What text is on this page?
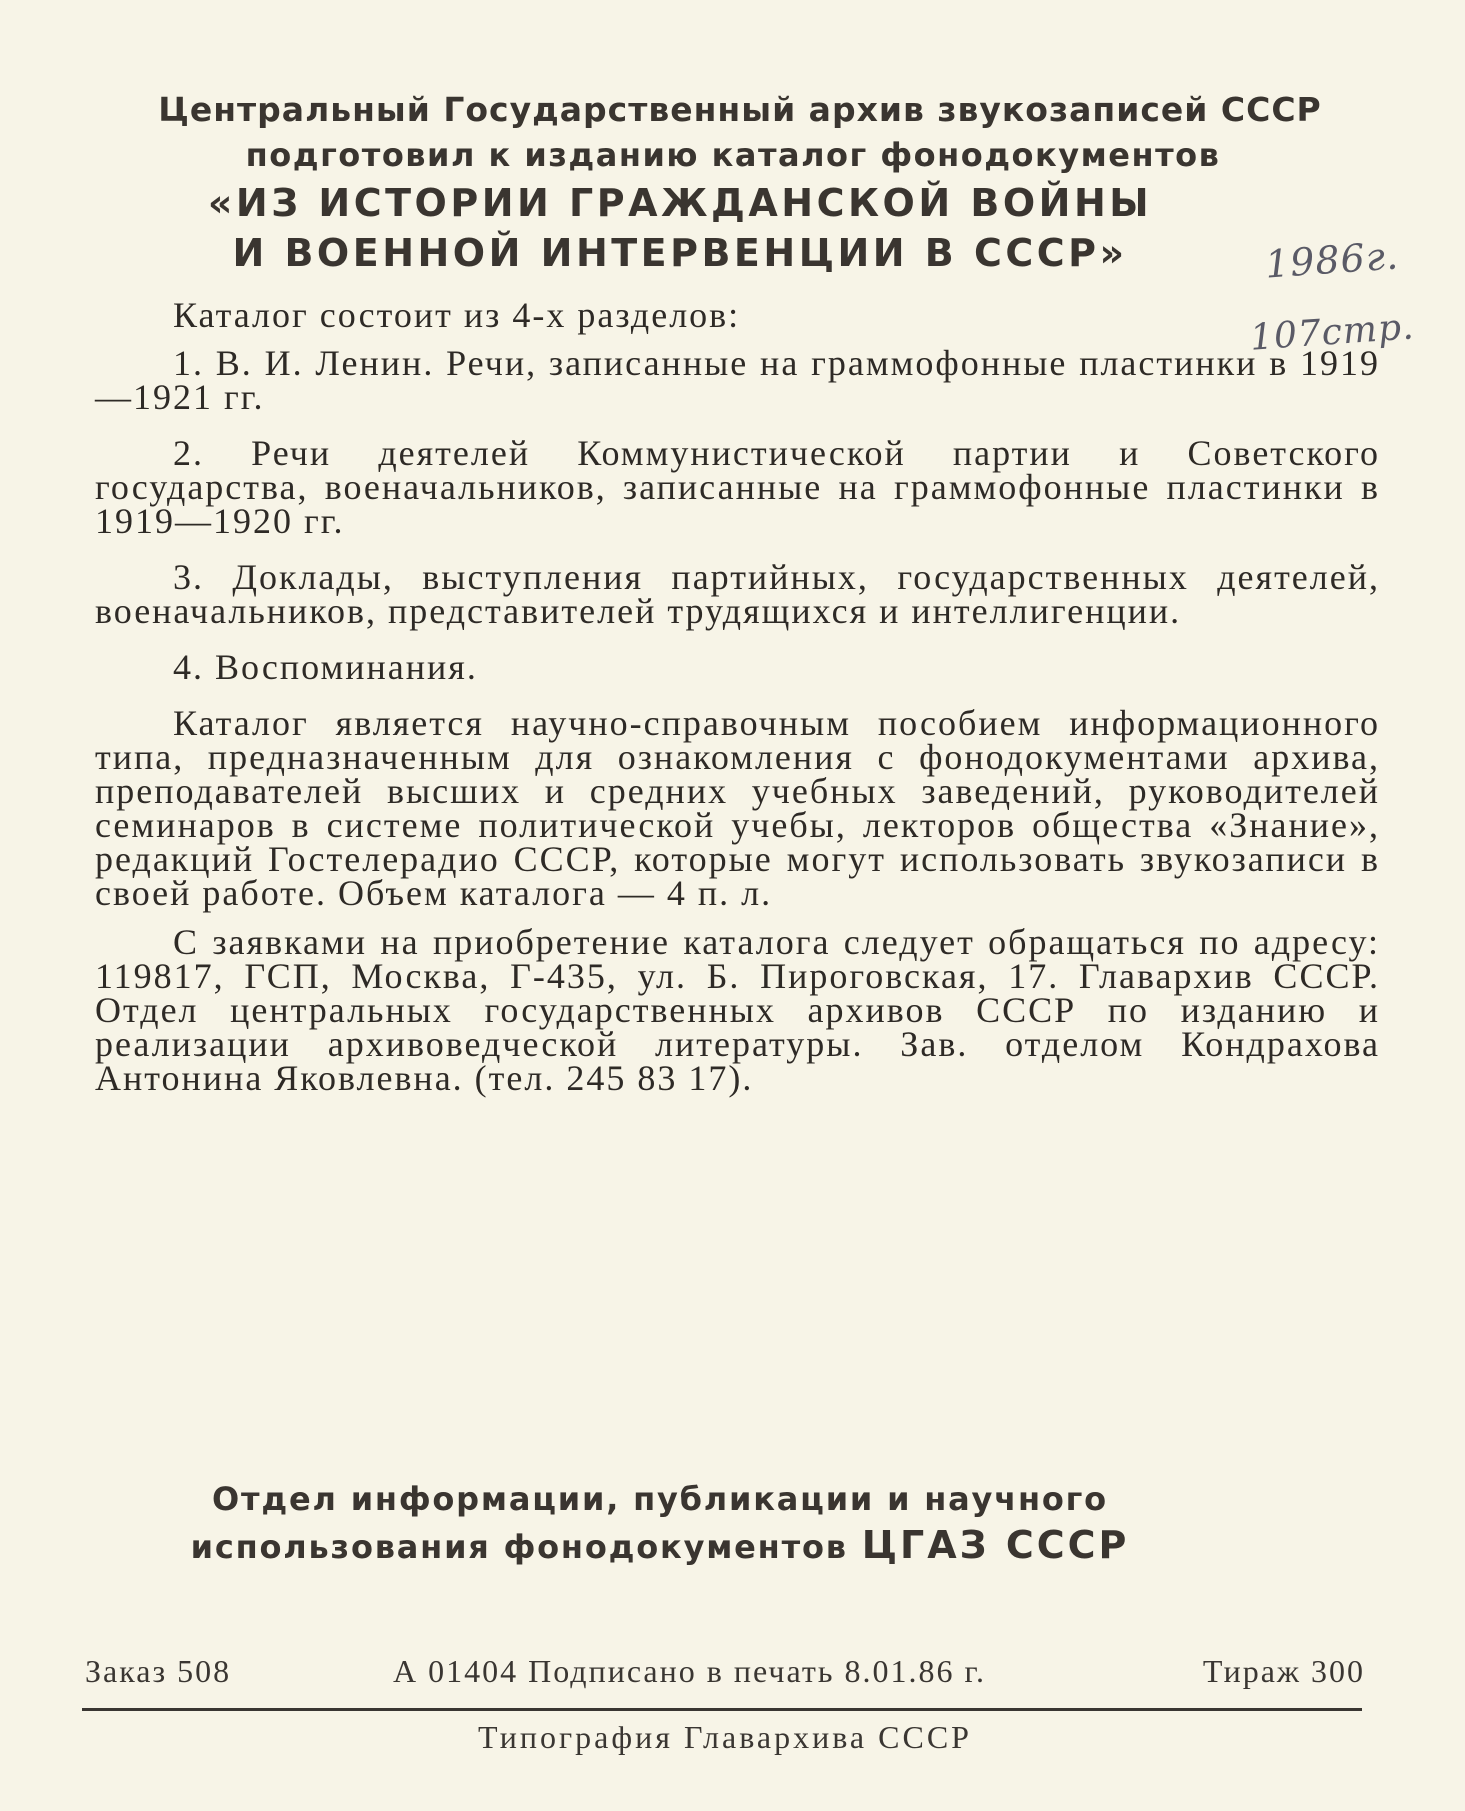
Центральный Государственный архив звукозаписей СССР
подготовил к изданию каталог фонодокументов
«ИЗ ИСТОРИИ ГРАЖДАНСКОЙ ВОЙНЫ
И ВОЕННОЙ ИНТЕРВЕНЦИИ В СССР»	1986г.
107стр.

Каталог состоит из 4-х разделов:

1. В. И. Ленин. Речи, записанные на граммофонные пластинки в 1919—1921 гг.

2. Речи деятелей Коммунистической партии и Советского государства, военачальников, записанные на граммофонные пластинки в 1919—1920 гг.

3. Доклады, выступления партийных, государственных деятелей, военачальников, представителей трудящихся и интеллигенции.

4. Воспоминания.

Каталог является научно-справочным пособием информационного типа, предназначенным для ознакомления с фонодокументами архива, преподавателей высших и средних учебных заведений, руководителей семинаров в системе политической учебы, лекторов общества «Знание», редакций Гостелерадио СССР, которые могут использовать звукозаписи в своей работе. Объем каталога — 4 п. л.

С заявками на приобретение каталога следует обращаться по адресу: 119817, ГСП, Москва, Г-435, ул. Б. Пироговская, 17. Главархив СССР. Отдел центральных государственных архивов СССР по изданию и реализации архивоведческой литературы. Зав. отделом Кондрахова Антонина Яковлевна. (тел. 245 83 17).

Отдел информации, публикации и научного
использования фонодокументов ЦГАЗ СССР
Заказ 508	А 01404 Подписано в печать 8.01.86 г.	Тираж 300
Типография Главархива СССР
